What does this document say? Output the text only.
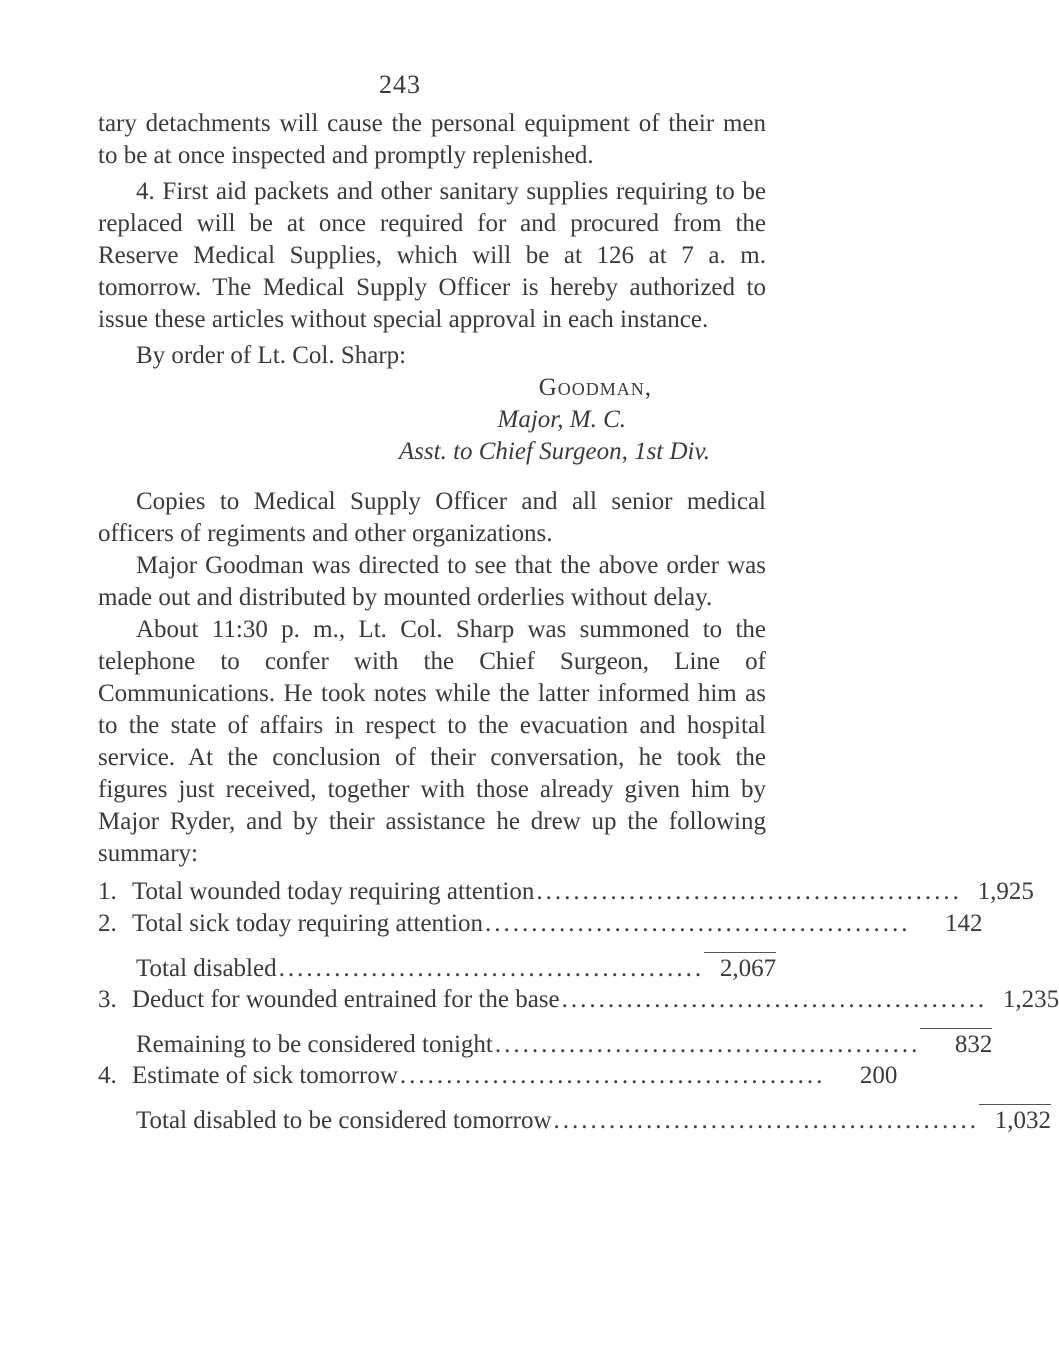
243

tary detachments will cause the personal equipment of their men to be at once inspected and promptly replenished.

4. First aid packets and other sanitary supplies requiring to be replaced will be at once required for and procured from the Reserve Medical Supplies, which will be at 126 at 7 a. m. tomorrow. The Medical Supply Officer is hereby authorized to issue these articles without special approval in each instance.

By order of Lt. Col. Sharp:

Goodman,

Major, M. C.

Asst. to Chief Surgeon, 1st Div.

Copies to Medical Supply Officer and all senior medical officers of regiments and other organizations.

Major Goodman was directed to see that the above order was made out and distributed by mounted orderlies without delay.

About 11:30 p. m., Lt. Col. Sharp was summoned to the telephone to confer with the Chief Surgeon, Line of Communications. He took notes while the latter informed him as to the state of affairs in respect to the evacuation and hospital service. At the conclusion of their conversation, he took the figures just received, together with those already given him by Major Ryder, and by their assistance he drew up the following summary:

1. Total wounded today requiring attention .............................................. 1,925
2. Total sick today requiring attention ..............................................	142
Total disabled .............................................. 2,067
3. Deduct for wounded entrained for the base .............................................. 1,235
Remaining to be considered tonight ..............................................	832
4. Estimate of sick tomorrow ..............................................	200
Total disabled to be considered tomorrow .............................................. 1,032
